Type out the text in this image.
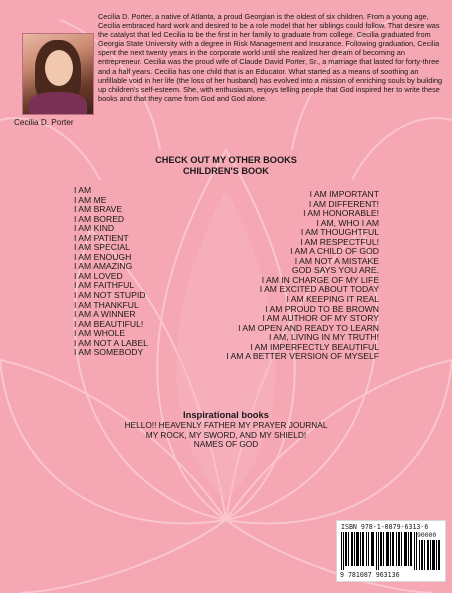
Cecilia D. Porter
Cecilia D. Porter, a native of Atlanta, a proud Georgian is the oldest of six children. From a young age, Cecilia embraced hard work and desired to be a role model that her siblings could follow. That desire was the catalyst that led Cecilia to be the first in her family to graduate from college. Cecilia graduated from Georgia State University with a degree in Risk Management and Insurance. Following graduation, Cecilia spent the next twenty years in the corporate world until she realized her dream of becoming an entrepreneur. Cecilia was the proud wife of Claude David Porter, Sr., a marriage that lasted for forty-three and a half years. Cecilia has one child that is an Educator. What started as a means of soothing an unfillable void in her life (the loss of her husband) has evolved into a mission of enriching souls by building up children's self-esteem. She, with enthusiasm, enjoys telling people that God inspired her to write these books and that they came from God and God alone.
CHECK OUT MY OTHER BOOKS
CHILDREN'S BOOK
I AM
I AM ME
I AM BRAVE
I AM BORED
I AM KIND
I AM PATIENT
I AM SPECIAL
I AM ENOUGH
I AM AMAZING
I AM LOVED
I AM FAITHFUL
I AM NOT STUPID
I AM THANKFUL
I AM A WINNER
I AM BEAUTIFUL!
I AM WHOLE
I AM NOT A LABEL
I AM SOMEBODY
I AM IMPORTANT
I AM DIFFERENT!
I AM HONORABLE!
I AM, WHO I AM
I AM THOUGHTFUL
I AM RESPECTFUL!
I AM A CHILD OF GOD
I AM NOT A MISTAKE
GOD SAYS YOU ARE.
I AM IN CHARGE OF MY LIFE
I AM EXCITED ABOUT TODAY
I AM KEEPING IT REAL
I AM PROUD TO BE BROWN
I AM AUTHOR OF MY STORY
I AM OPEN AND READY TO LEARN
I AM, LIVING IN MY TRUTH!
I AM IMPERFECTLY BEAUTIFUL
I AM A BETTER VERSION OF MYSELF
Inspirational books
HELLO!! HEAVENLY FATHER MY PRAYER JOURNAL
MY ROCK, MY SWORD, AND MY SHIELD!
NAMES OF GOD
ISBN 978-1-0879-6313-6
90000
9 781087 963136
